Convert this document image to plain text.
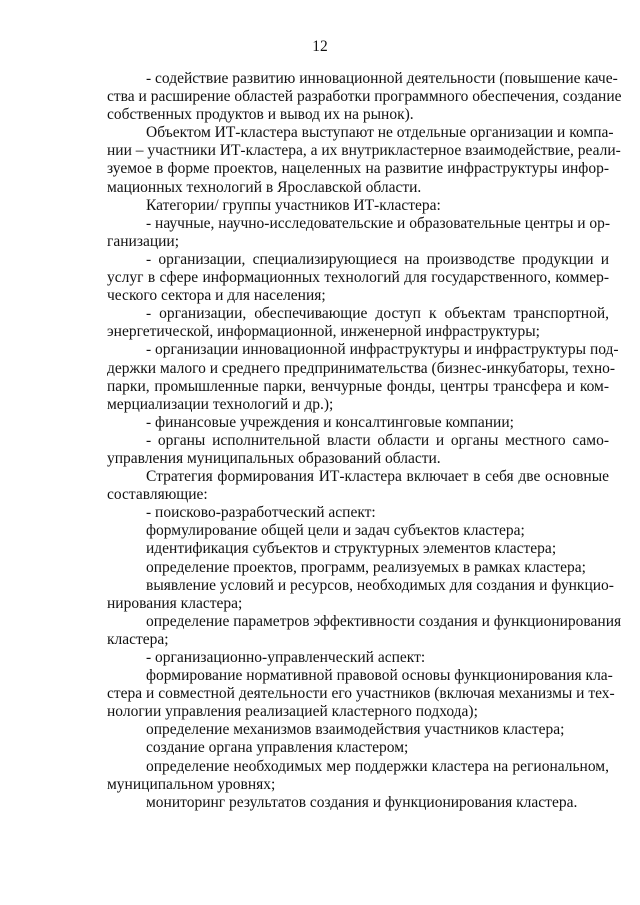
12
- содействие развитию инновационной деятельности (повышение каче-
ства и расширение областей разработки программного обеспечения, создание
собственных продуктов и вывод их на рынок).
Объектом ИТ-кластера выступают не отдельные организации и компа-
нии – участники ИТ-кластера, а их внутрикластерное взаимодействие, реали-
зуемое в форме проектов, нацеленных на развитие инфраструктуры инфор-
мационных технологий в Ярославской области.
Категории/ группы участников ИТ-кластера:
- научные, научно-исследовательские и образовательные центры и ор-
ганизации;
- организации, специализирующиеся на производстве продукции и
услуг в сфере информационных технологий для государственного, коммер-
ческого сектора и для населения;
- организации, обеспечивающие доступ к объектам транспортной,
энергетической, информационной, инженерной инфраструктуры;
- организации инновационной инфраструктуры и инфраструктуры под-
держки малого и среднего предпринимательства (бизнес-инкубаторы, техно-
парки, промышленные парки, венчурные фонды, центры трансфера и ком-
мерциализации технологий и др.);
- финансовые учреждения и консалтинговые компании;
- органы исполнительной власти области и органы местного само-
управления муниципальных образований области.
Стратегия формирования ИТ-кластера включает в себя две основные
составляющие:
- поисково-разработческий аспект:
формулирование общей цели и задач субъектов кластера;
идентификация субъектов и структурных элементов кластера;
определение проектов, программ, реализуемых в рамках кластера;
выявление условий и ресурсов, необходимых для создания и функцио-
нирования кластера;
определение параметров эффективности создания и функционирования
кластера;
- организационно-управленческий аспект:
формирование нормативной правовой основы функционирования кла-
стера и совместной деятельности его участников (включая механизмы и тех-
нологии управления реализацией кластерного подхода);
определение механизмов взаимодействия участников кластера;
создание органа управления кластером;
определение необходимых мер поддержки кластера на региональном,
муниципальном уровнях;
мониторинг результатов создания и функционирования кластера.
